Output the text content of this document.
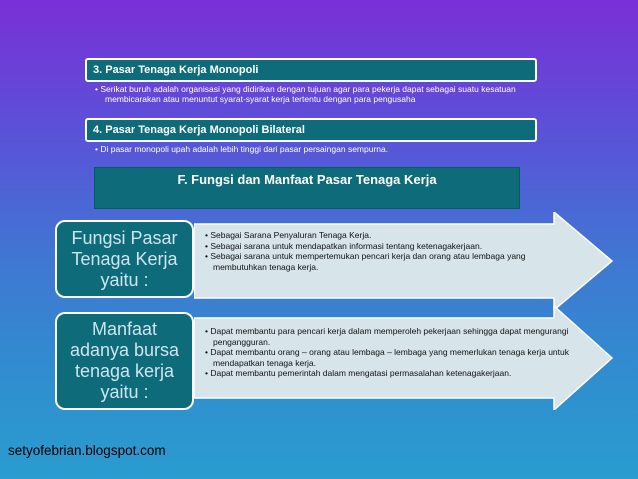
3. Pasar Tenaga Kerja Monopoli
• Serikat buruh adalah organisasi yang didirikan dengan tujuan agar para pekerja dapat sebagai suatu kesatuan membicarakan atau menuntut syarat-syarat kerja tertentu dengan para pengusaha
4. Pasar Tenaga Kerja Monopoli Bilateral
• Di pasar monopoli upah adalah lebih tinggi dari pasar persaingan sempurna.
F. Fungsi dan Manfaat Pasar Tenaga Kerja
• Sebagai Sarana Penyaluran Tenaga Kerja.
• Sebagai sarana untuk mendapatkan informasi tentang ketenagakerjaan.
• Sebagai sarana untuk mempertemukan pencari kerja dan orang atau lembaga yang membutuhkan tenaga kerja.
Fungsi Pasar Tenaga Kerja yaitu :
• Dapat membantu para pencari kerja dalam memperoleh pekerjaan sehingga dapat mengurangi pengangguran.
• Dapat membantu orang – orang atau lembaga – lembaga yang memerlukan tenaga kerja untuk mendapatkan tenaga kerja.
• Dapat membantu pemerintah dalam mengatasi permasalahan ketenagakerjaan.
Manfaat adanya bursa tenaga kerja yaitu :
setyofebrian.blogspot.com
